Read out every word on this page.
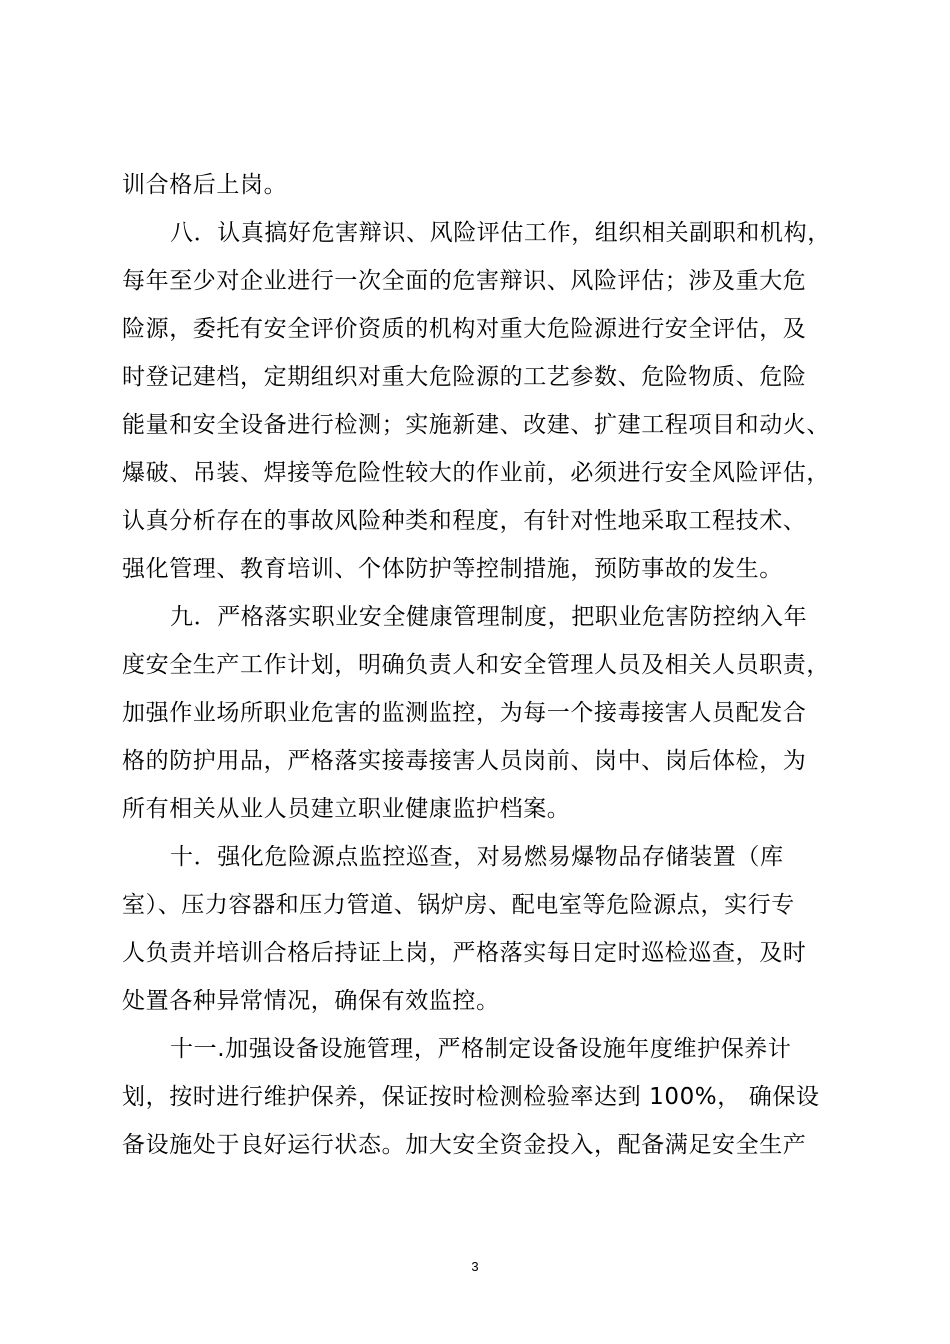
训合格后上岗。
八．认真搞好危害辩识、风险评估工作，组织相关副职和机构，
每年至少对企业进行一次全面的危害辩识、风险评估；涉及重大危
险源，委托有安全评价资质的机构对重大危险源进行安全评估，及
时登记建档，定期组织对重大危险源的工艺参数、危险物质、危险
能量和安全设备进行检测；实施新建、改建、扩建工程项目和动火、
爆破、吊装、焊接等危险性较大的作业前，必须进行安全风险评估，
认真分析存在的事故风险种类和程度，有针对性地采取工程技术、
强化管理、教育培训、个体防护等控制措施，预防事故的发生。
九．严格落实职业安全健康管理制度，把职业危害防控纳入年
度安全生产工作计划，明确负责人和安全管理人员及相关人员职责，
加强作业场所职业危害的监测监控，为每一个接毒接害人员配发合
格的防护用品，严格落实接毒接害人员岗前、岗中、岗后体检，为
所有相关从业人员建立职业健康监护档案。
十．强化危险源点监控巡查，对易燃易爆物品存储装置（库
室）、压力容器和压力管道、锅炉房、配电室等危险源点，实行专
人负责并培训合格后持证上岗，严格落实每日定时巡检巡查，及时
处置各种异常情况，确保有效监控。
十一.加强设备设施管理，严格制定设备设施年度维护保养计
划，按时进行维护保养，保证按时检测检验率达到 100%， 确保设
备设施处于良好运行状态。加大安全资金投入，配备满足安全生产
3
